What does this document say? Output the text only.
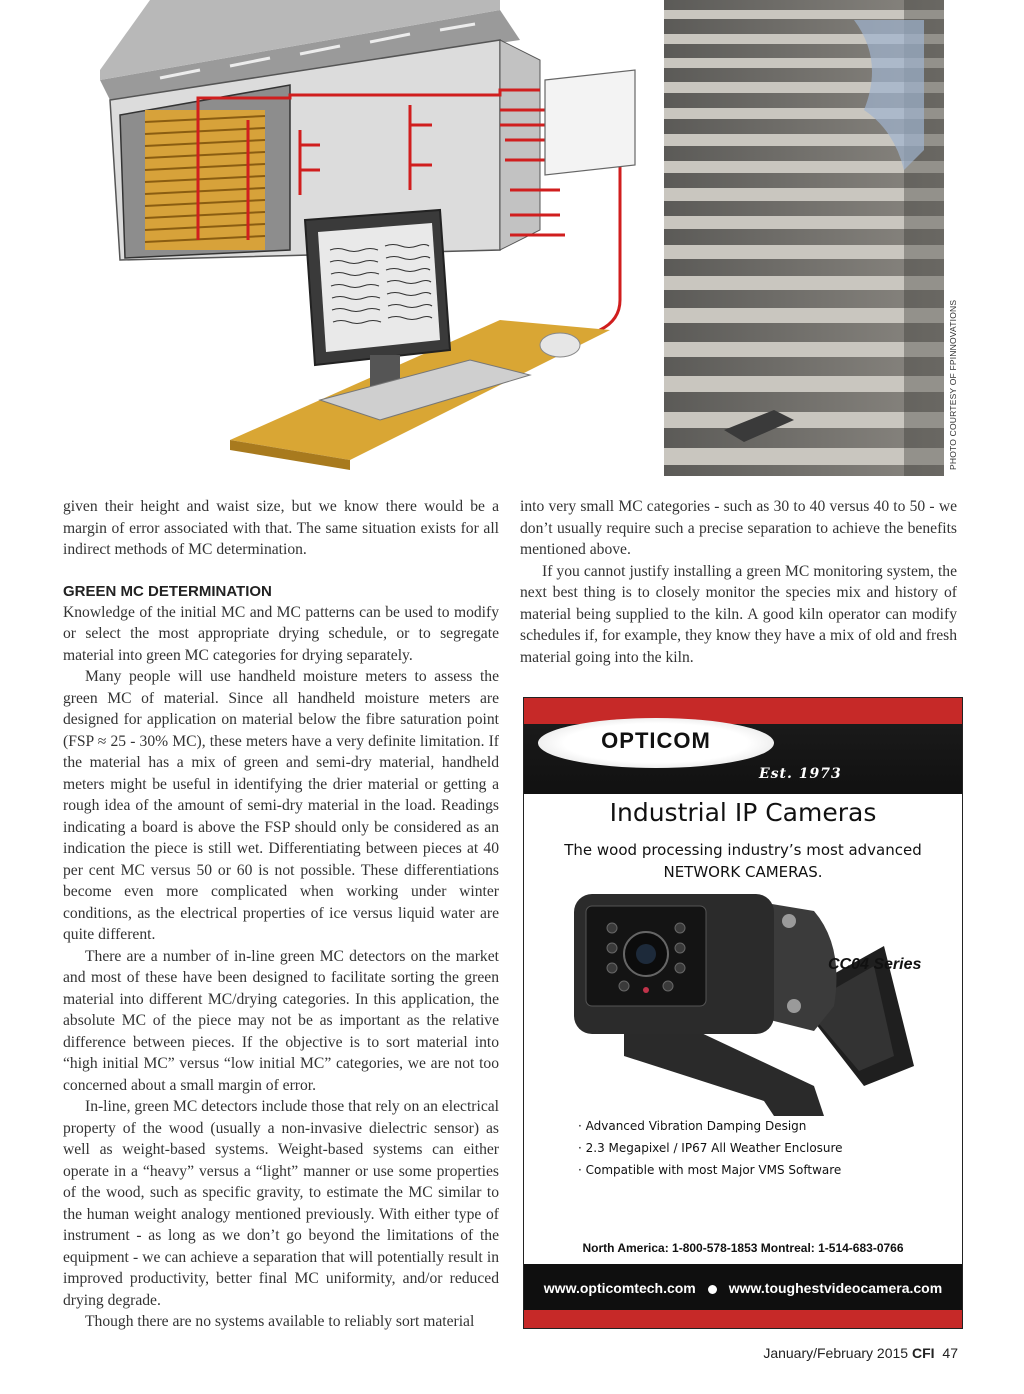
PHOTO COURTESY OF FPINNOVATIONS

given their height and waist size, but we know there would be a margin of error associated with that. The same situation exists for all indirect methods of MC determination.

GREEN MC DETERMINATION

Knowledge of the initial MC and MC patterns can be used to modify or select the most appropriate drying schedule, or to segregate material into green MC categories for drying separately.

Many people will use handheld moisture meters to assess the green MC of material. Since all handheld moisture meters are designed for application on material below the fibre saturation point (FSP ≈ 25 - 30% MC), these meters have a very definite limitation. If the material has a mix of green and semi-dry material, handheld meters might be useful in identifying the drier material or getting a rough idea of the amount of semi-dry material in the load. Readings indicating a board is above the FSP should only be considered as an indication the piece is still wet. Differentiating between pieces at 40 per cent MC versus 50 or 60 is not possible. These differentiations become even more complicated when working under winter conditions, as the electrical properties of ice versus liquid water are quite different.

There are a number of in-line green MC detectors on the market and most of these have been designed to facilitate sorting the green material into different MC/drying categories. In this application, the absolute MC of the piece may not be as important as the relative difference between pieces. If the objective is to sort material into “high initial MC” versus “low initial MC” categories, we are not too concerned about a small margin of error.

In-line, green MC detectors include those that rely on an electrical property of the wood (usually a non-invasive dielectric sensor) as well as weight-based systems. Weight-based systems can either operate in a “heavy” versus a “light” manner or use some properties of the wood, such as specific gravity, to estimate the MC similar to the human weight analogy mentioned previously. With either type of instrument - as long as we don’t go beyond the limitations of the equipment - we can achieve a separation that will potentially result in improved productivity, better final MC uniformity, and/or reduced drying degrade.

Though there are no systems available to reliably sort material

into very small MC categories - such as 30 to 40 versus 40 to 50 - we don’t usually require such a precise separation to achieve the benefits mentioned above.

If you cannot justify installing a green MC monitoring system, the next best thing is to closely monitor the species mix and history of material being supplied to the kiln. A good kiln operator can modify schedules if, for example, they know they have a mix of old and fresh material going into the kiln.

OPTICOM
Est. 1973
Industrial IP Cameras
The wood processing industry’s most advanced NETWORK CAMERAS.
CC04 Series
· Advanced Vibration Damping Design
· 2.3 Megapixel / IP67 All Weather Enclosure
· Compatible with most Major VMS Software
North America: 1-800-578-1853 Montreal: 1-514-683-0766
www.opticomtech.com www.toughestvideocamera.com
January/February 2015 CFI 47
